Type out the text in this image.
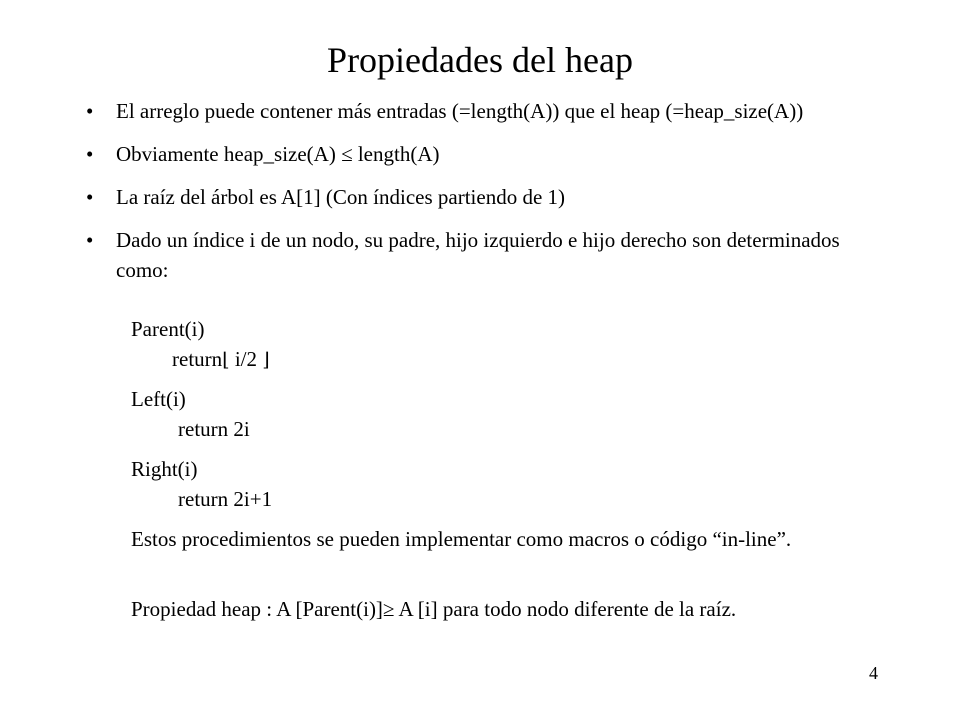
Propiedades del heap
• El arreglo puede contener más entradas (=length(A)) que el heap (=heap_size(A))
• Obviamente heap_size(A) ≤ length(A)
• La raíz del árbol es A[1] (Con índices partiendo de 1)
• Dado un índice i de un nodo, su padre, hijo izquierdo e hijo derecho son determinados como:
Parent(i)
return⌊ i/2 ⌋
Left(i)
return 2i
Right(i)
return 2i+1
Estos procedimientos se pueden implementar como macros o código “in-line”.
Propiedad heap : A [Parent(i)]≥ A [i] para todo nodo diferente de la raíz.
4
